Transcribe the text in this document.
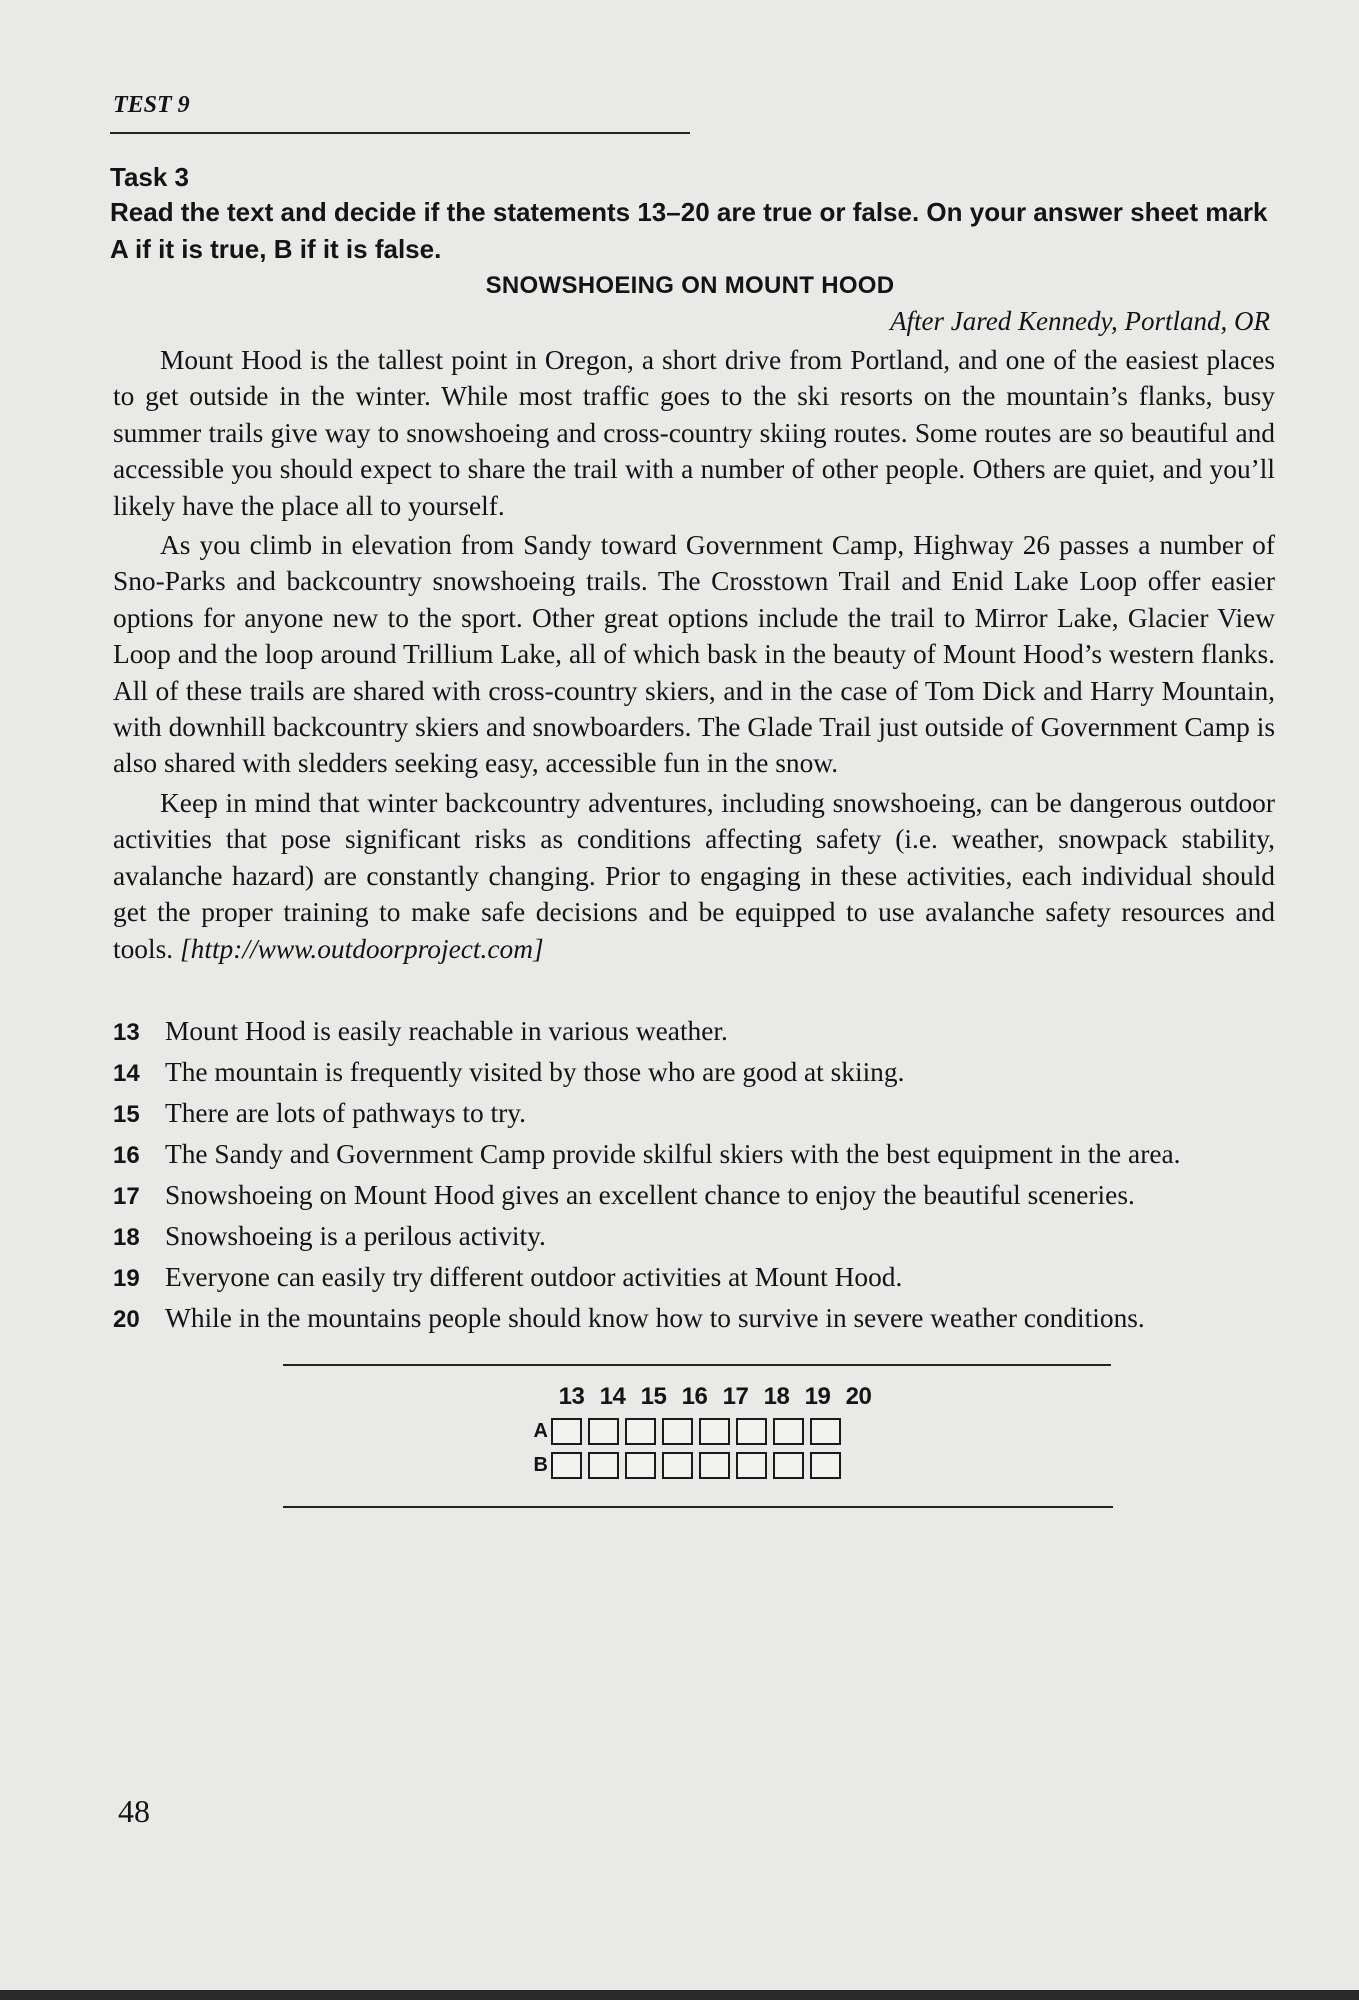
TEST 9
Task 3
Read the text and decide if the statements 13–20 are true or false. On your answer sheet mark A if it is true, B if it is false.
SNOWSHOEING ON MOUNT HOOD
After Jared Kennedy, Portland, OR

Mount Hood is the tallest point in Oregon, a short drive from Portland, and one of the easiest places to get outside in the winter. While most traffic goes to the ski resorts on the mountain’s flanks, busy summer trails give way to snowshoeing and cross-country skiing routes. Some routes are so beautiful and accessible you should expect to share the trail with a number of other people. Others are quiet, and you’ll likely have the place all to yourself.

As you climb in elevation from Sandy toward Government Camp, Highway 26 passes a number of Sno-Parks and backcountry snowshoeing trails. The Crosstown Trail and Enid Lake Loop offer easier options for anyone new to the sport. Other great options include the trail to Mirror Lake, Glacier View Loop and the loop around Trillium Lake, all of which bask in the beauty of Mount Hood’s western flanks. All of these trails are shared with cross-country skiers, and in the case of Tom Dick and Harry Mountain, with downhill backcountry skiers and snowboarders. The Glade Trail just outside of Government Camp is also shared with sledders seeking easy, accessible fun in the snow.

Keep in mind that winter backcountry adventures, including snowshoeing, can be dangerous outdoor activities that pose significant risks as conditions affecting safety (i.e. weather, snowpack stability, avalanche hazard) are constantly changing. Prior to engaging in these activities, each individual should get the proper training to make safe decisions and be equipped to use avalanche safety resources and tools. [http://www.outdoorproject.com]

13 Mount Hood is easily reachable in various weather.
14 The mountain is frequently visited by those who are good at skiing.
15 There are lots of pathways to try.
16 The Sandy and Government Camp provide skilful skiers with the best equipment in the area.
17 Snowshoeing on Mount Hood gives an excellent chance to enjoy the beautiful sceneries.
18 Snowshoeing is a perilous activity.
19 Everyone can easily try different outdoor activities at Mount Hood.
20 While in the mountains people should know how to survive in severe weather conditions.
13 14 15 16 17 18 19 20
A
B
48
